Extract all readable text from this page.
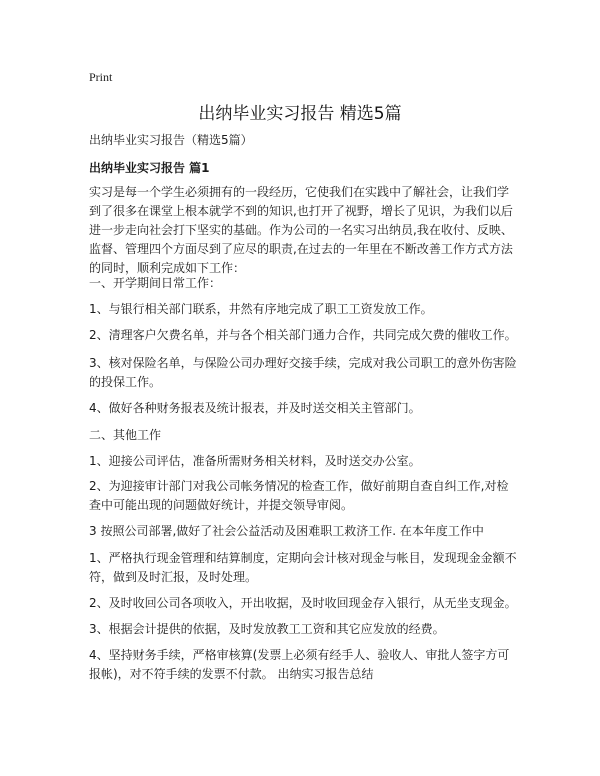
Print
出纳毕业实习报告 精选5篇

出纳毕业实习报告（精选5篇）

出纳毕业实习报告 篇1

实习是每一个学生必须拥有的一段经历，它使我们在实践中了解社会，让我们学到了很多在课堂上根本就学不到的知识,也打开了视野，增长了见识，为我们以后进一步走向社会打下坚实的基础。作为公司的一名实习出纳员,我在收付、反映、监督、管理四个方面尽到了应尽的职责,在过去的一年里在不断改善工作方式方法的同时，顺利完成如下工作：

一、开学期间日常工作：

1、与银行相关部门联系，井然有序地完成了职工工资发放工作。

2、清理客户欠费名单，并与各个相关部门通力合作，共同完成欠费的催收工作。

3、核对保险名单，与保险公司办理好交接手续，完成对我公司职工的意外伤害险的投保工作。

4、做好各种财务报表及统计报表，并及时送交相关主管部门。

二、其他工作

1、迎接公司评估，准备所需财务相关材料，及时送交办公室。

2、为迎接审计部门对我公司帐务情况的检查工作，做好前期自查自纠工作,对检查中可能出现的问题做好统计，并提交领导审阅。

3 按照公司部署,做好了社会公益活动及困难职工救济工作. 在本年度工作中

1、严格执行现金管理和结算制度，定期向会计核对现金与帐目，发现现金金额不符，做到及时汇报，及时处理。

2、及时收回公司各项收入，开出收据，及时收回现金存入银行，从无坐支现金。

3、根据会计提供的依据，及时发放教工工资和其它应发放的经费。

4、坚持财务手续，严格审核算(发票上必须有经手人、验收人、审批人签字方可报帐)，对不符手续的发票不付款。 出纳实习报告总结
